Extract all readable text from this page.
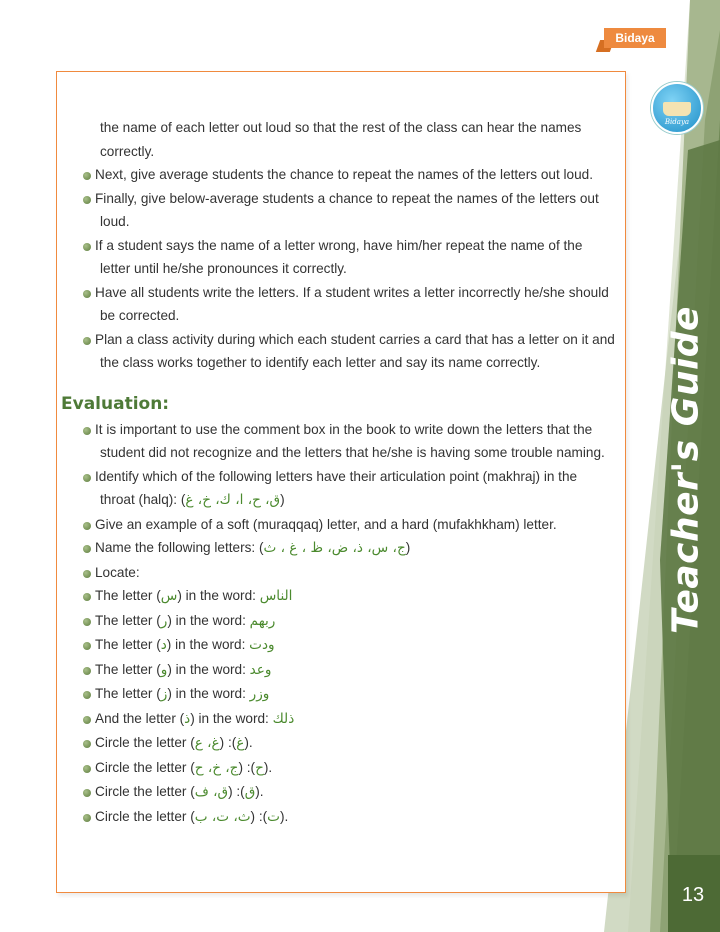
Bidaya
Bidaya
Teacher's Guide
13
the name of each letter out loud so that the rest of the class can hear the names
correctly.
Next, give average students the chance to repeat the names of the letters out loud.
Finally, give below-average students a chance to repeat the names of the letters out
loud.
If a student says the name of a letter wrong, have him/her repeat the name of the
letter until he/she pronounces it correctly.
Have all students write the letters. If a student writes a letter incorrectly he/she should
be corrected.
Plan a class activity during which each student carries a card that has a letter on it and
the class works together to identify each letter and say its name correctly.
Evaluation:
It is important to use the comment box in the book to write down the letters that the
student did not recognize and the letters that he/she is having some trouble naming.
Identify which of the following letters have their articulation point (makhraj) in the
throat (halq): (ق، ح، ا، ك، خ، غ)
Give an example of a soft (muraqqaq) letter, and a hard (mufakhkham) letter.
Name the following letters: (ج، س، ذ، ض، ظ ، غ ، ث)
Locate:
The letter (س) in the word: الناس
The letter (ر) in the word: ربهم
The letter (د) in the word: ودت
The letter (و) in the word: وعد
The letter (ز) in the word: وزر
And the letter (ذ) in the word: ذلك
Circle the letter (غ، ع) :(غ).
Circle the letter (ج، خ، ح) :(ح).
Circle the letter (ق، ف) :(ق).
Circle the letter (ث، ت، ب) :(ت).
